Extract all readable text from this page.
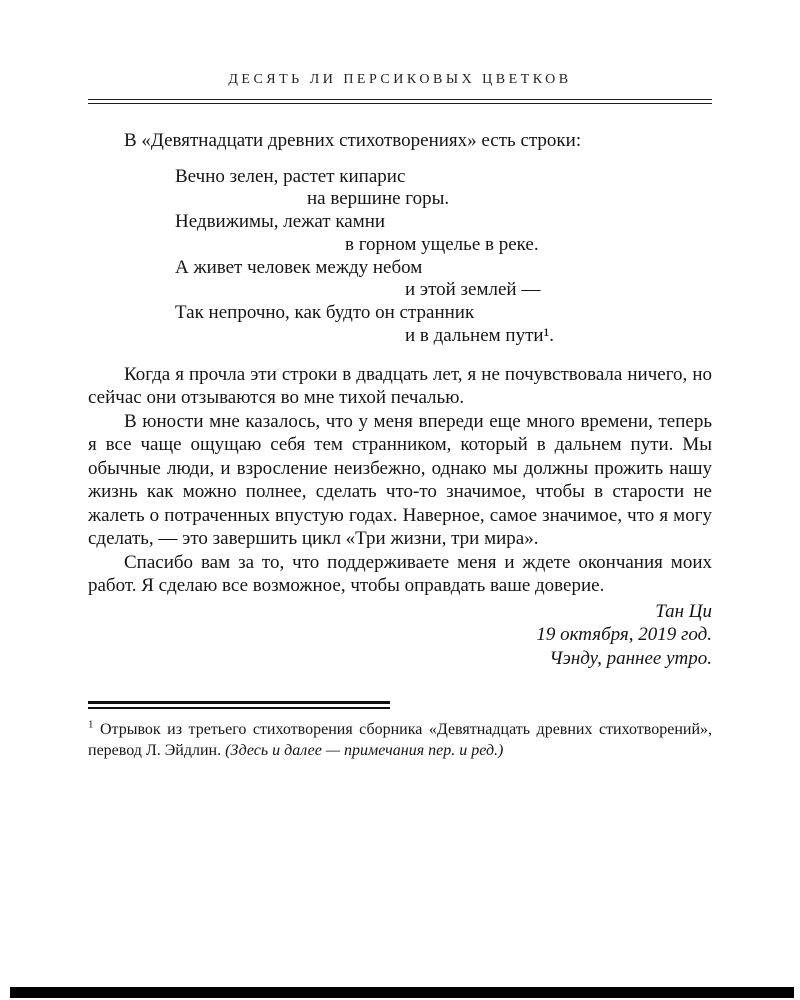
ДЕСЯТЬ ЛИ ПЕРСИКОВЫХ ЦВЕТКОВ

В «Девятнадцати древних стихотворениях» есть строки:

Вечно зелен, растет кипарис
на вершине горы.
Недвижимы, лежат камни
в горном ущелье в реке.
А живет человек между небом
и этой землей —
Так непрочно, как будто он странник
и в дальнем пути¹.

Когда я прочла эти строки в двадцать лет, я не почувствовала ничего, но сейчас они отзываются во мне тихой печалью.

В юности мне казалось, что у меня впереди еще много времени, теперь я все чаще ощущаю себя тем странником, который в дальнем пути. Мы обычные люди, и взросление неизбежно, однако мы должны прожить нашу жизнь как можно полнее, сделать что-то значимое, чтобы в старости не жалеть о потраченных впустую годах. Наверное, самое значимое, что я могу сделать, — это завершить цикл «Три жизни, три мира».

Спасибо вам за то, что поддерживаете меня и ждете окончания моих работ. Я сделаю все возможное, чтобы оправдать ваше доверие.

Тан Ци
19 октября, 2019 год.
Чэнду, раннее утро.

$^1$ Отрывок из третьего стихотворения сборника «Девятнадцать древних стихотворений», перевод Л. Эйдлин. (Здесь и далее — примечания пер. и ред.)
